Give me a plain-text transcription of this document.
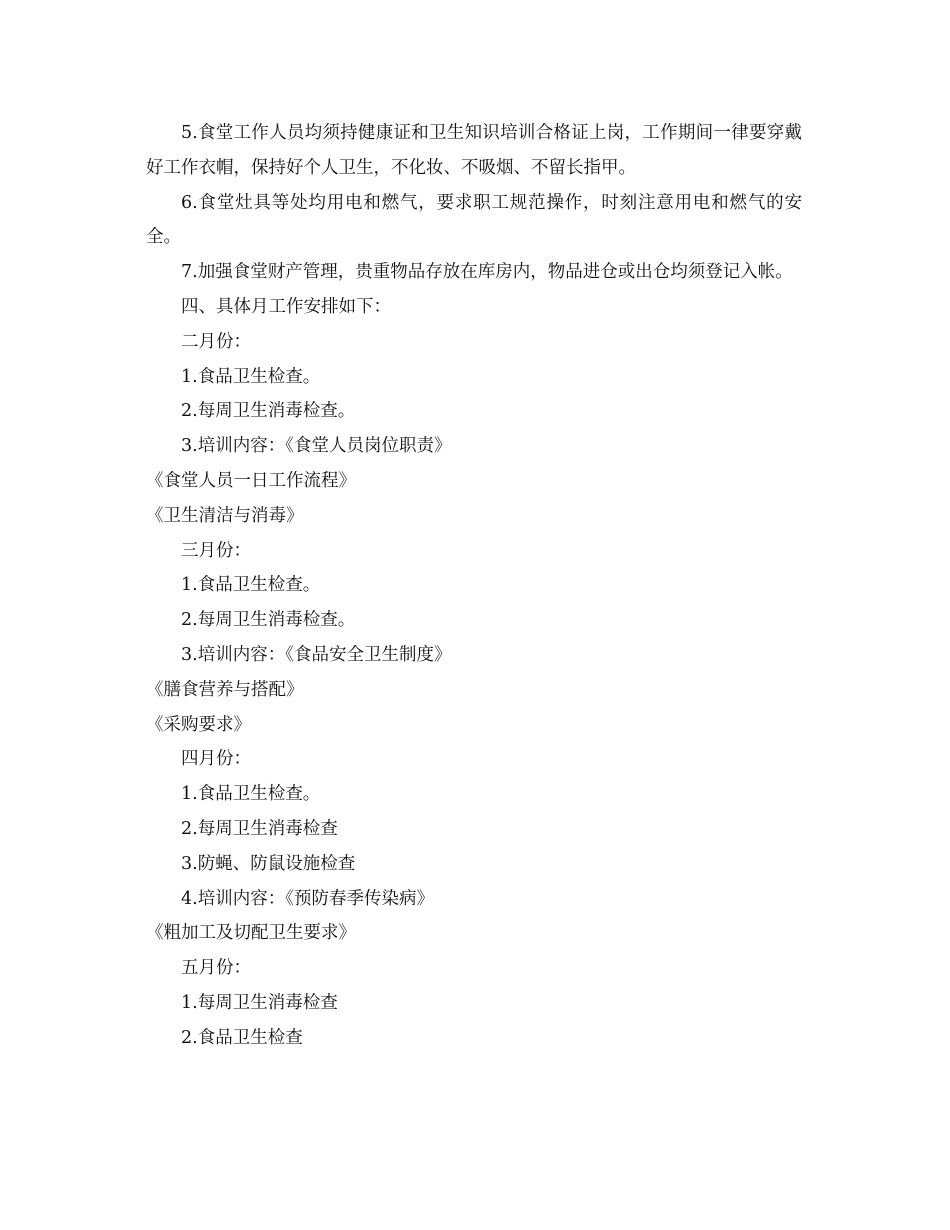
5.食堂工作人员均须持健康证和卫生知识培训合格证上岗，工作期间一律要穿戴好工作衣帽，保持好个人卫生，不化妆、不吸烟、不留长指甲。

6.食堂灶具等处均用电和燃气，要求职工规范操作，时刻注意用电和燃气的安全。

7.加强食堂财产管理，贵重物品存放在库房内，物品进仓或出仓均须登记入帐。

四、具体月工作安排如下：

二月份：

1.食品卫生检查。

2.每周卫生消毒检查。

3.培训内容：《食堂人员岗位职责》

《食堂人员一日工作流程》

《卫生清洁与消毒》

三月份：

1.食品卫生检查。

2.每周卫生消毒检查。

3.培训内容：《食品安全卫生制度》

《膳食营养与搭配》

《采购要求》

四月份：

1.食品卫生检查。

2.每周卫生消毒检查

3.防蝇、防鼠设施检查

4.培训内容：《预防春季传染病》

《粗加工及切配卫生要求》

五月份：

1.每周卫生消毒检查

2.食品卫生检查
